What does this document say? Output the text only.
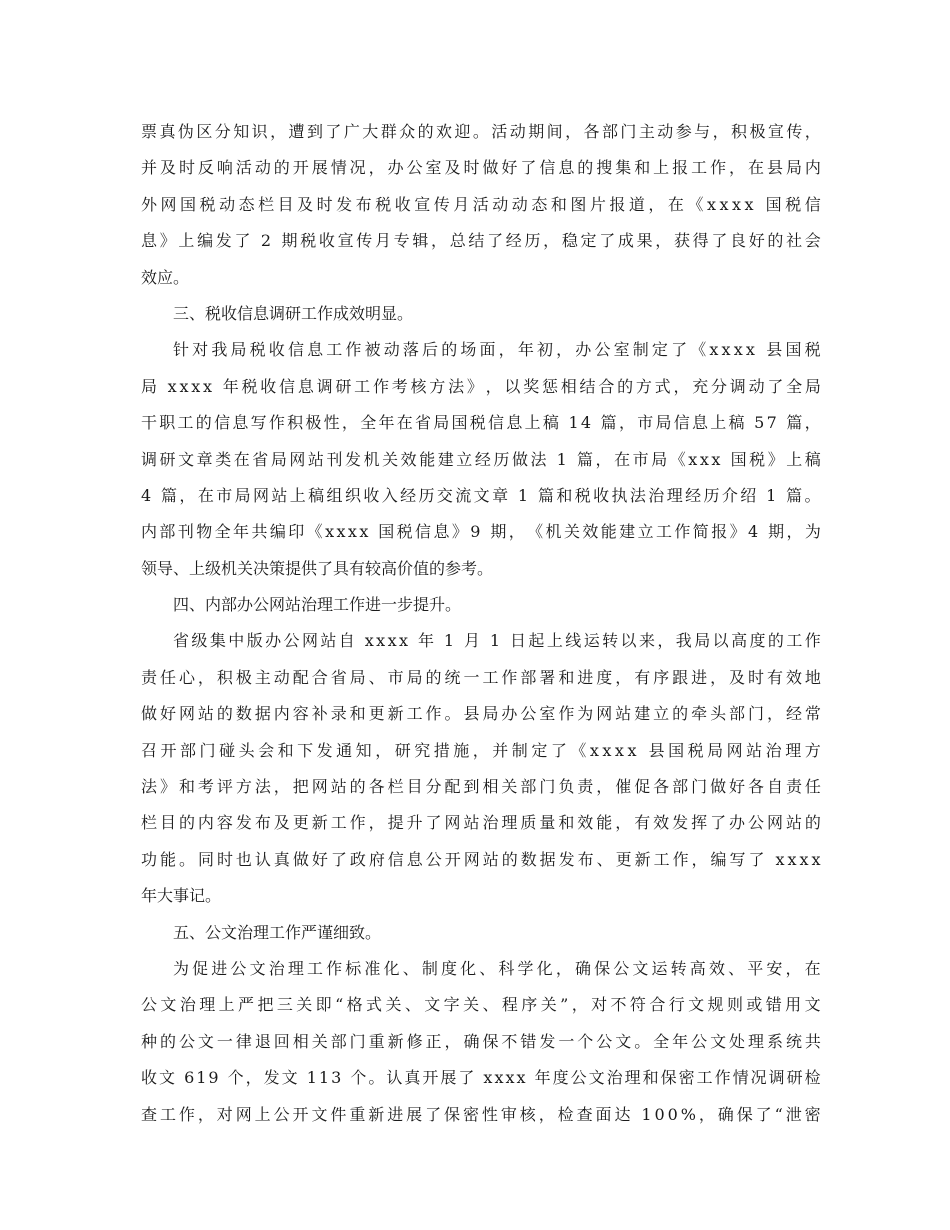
票 真 伪 区 分 知 识 ， 遭 到 了 广 大 群 众 的 欢 迎 。 活 动 期 间 ， 各 部 门 主 动 参 与 ， 积 极 宣 传 ，
并 及 时 反 响 活 动 的 开 展 情 况 ， 办 公 室 及 时 做 好 了 信 息 的 搜 集 和 上 报 工 作 ， 在 县 局 内
外 网 国 税 动 态 栏 目 及 时 发 布 税 收 宣 传 月 活 动 动 态 和 图 片 报 道 ， 在 《 x x x x
国 税 信
息 》 上 编 发 了
2
期 税 收 宣 传 月 专 辑 ， 总 结 了 经 历 ， 稳 定 了 成 果 ， 获 得 了 良 好 的 社 会
效应。
三、税收信息调研工作成效明显。
针 对 我 局 税 收 信 息 工 作 被 动 落 后 的 场 面 ， 年 初 ， 办 公 室 制 定 了 《 x x x x
县 国 税
局
x x x x
年 税 收 信 息 调 研 工 作 考 核 方 法 》 ， 以 奖 惩 相 结 合 的 方 式 ， 充 分 调 动 了 全 局
干 职 工 的 信 息 写 作 积 极 性 ， 全 年 在 省 局 国 税 信 息 上 稿
1 4
篇 ， 市 局 信 息 上 稿
5 7
篇 ，
调 研 文 章 类 在 省 局 网 站 刊 发 机 关 效 能 建 立 经 历 做 法
1
篇 ， 在 市 局 《 x x x
国 税 》 上 稿
4
篇 ， 在 市 局 网 站 上 稿 组 织 收 入 经 历 交 流 文 章
1
篇 和 税 收 执 法 治 理 经 历 介 绍
1
篇 。
内 部 刊 物 全 年 共 编 印 《 x x x x
国 税 信 息 》 9
期 ， 《 机 关 效 能 建 立 工 作 简 报 》 4
期 ， 为
领导、上级机关决策提供了具有较高价值的参考。
四、内部办公网站治理工作进一步提升。
省 级 集 中 版 办 公 网 站 自
x x x x
年
1
月
1
日 起 上 线 运 转 以 来 ， 我 局 以 高 度 的 工 作
责 任 心 ， 积 极 主 动 配 合 省 局 、 市 局 的 统 一 工 作 部 署 和 进 度 ， 有 序 跟 进 ， 及 时 有 效 地
做 好 网 站 的 数 据 内 容 补 录 和 更 新 工 作 。 县 局 办 公 室 作 为 网 站 建 立 的 牵 头 部 门 ， 经 常
召 开 部 门 碰 头 会 和 下 发 通 知 ， 研 究 措 施 ， 并 制 定 了 《 x x x x
县 国 税 局 网 站 治 理 方
法 》 和 考 评 方 法 ， 把 网 站 的 各 栏 目 分 配 到 相 关 部 门 负 责 ， 催 促 各 部 门 做 好 各 自 责 任
栏 目 的 内 容 发 布 及 更 新 工 作 ， 提 升 了 网 站 治 理 质 量 和 效 能 ， 有 效 发 挥 了 办 公 网 站 的
功 能 。 同 时 也 认 真 做 好 了 政 府 信 息 公 开 网 站 的 数 据 发 布 、 更 新 工 作 ， 编 写 了
x x x x
年大事记。
五、公文治理工作严谨细致。
为 促 进 公 文 治 理 工 作 标 准 化 、 制 度 化 、 科 学 化 ， 确 保 公 文 运 转 高 效 、 平 安 ， 在
公 文 治 理 上 严 把 三 关 即 “ 格 式 关 、 文 字 关 、 程 序 关 ” ， 对 不 符 合 行 文 规 则 或 错 用 文
种 的 公 文 一 律 退 回 相 关 部 门 重 新 修 正 ， 确 保 不 错 发 一 个 公 文 。 全 年 公 文 处 理 系 统 共
收 文
6 1 9
个 ， 发 文
1 1 3
个 。 认 真 开 展 了
x x x x
年 度 公 文 治 理 和 保 密 工 作 情 况 调 研 检
查 工 作 ， 对 网 上 公 开 文 件 重 新 进 展 了 保 密 性 审 核 ， 检 查 面 达
1 0 0 % ， 确 保 了 “ 泄 密
